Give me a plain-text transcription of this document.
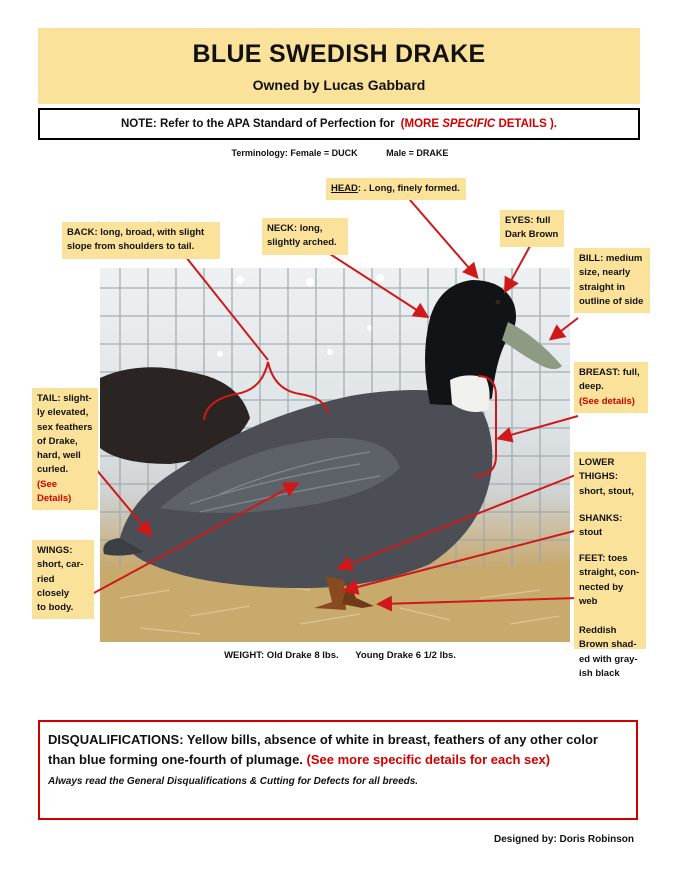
BLUE SWEDISH DRAKE
Owned by Lucas Gabbard
NOTE: Refer to the APA Standard of Perfection for (MORE SPECIFIC DETAILS ).
Terminology: Female = DUCK	Male = DRAKE
HEAD: . Long, finely formed.
EYES: full
Dark Brown
NECK: long,
slightly arched.
BACK: long, broad, with slight
slope from shoulders to tail.
BILL: medium
size, nearly
straight in
outline of side
BREAST: full,
deep.
(See details)
TAIL: slight-
ly elevated,
sex feathers
of Drake,
hard, well
curled.
(See Details)
WINGS:
short, car-
ried closely
to body.
LOWER
THIGHS:
short, stout,
SHANKS:
stout
FEET: toes
straight, con-
nected by
web
Reddish
Brown shad-
ed with gray-
ish black
WEIGHT: Old Drake 8 lbs. Young Drake 6 1/2 lbs.
DISQUALIFICATIONS: Yellow bills, absence of white in breast, feathers of any other color than blue forming one-fourth of plumage. (See more specific details for each sex)
Always read the General Disqualifications & Cutting for Defects for all breeds.
Designed by: Doris Robinson
